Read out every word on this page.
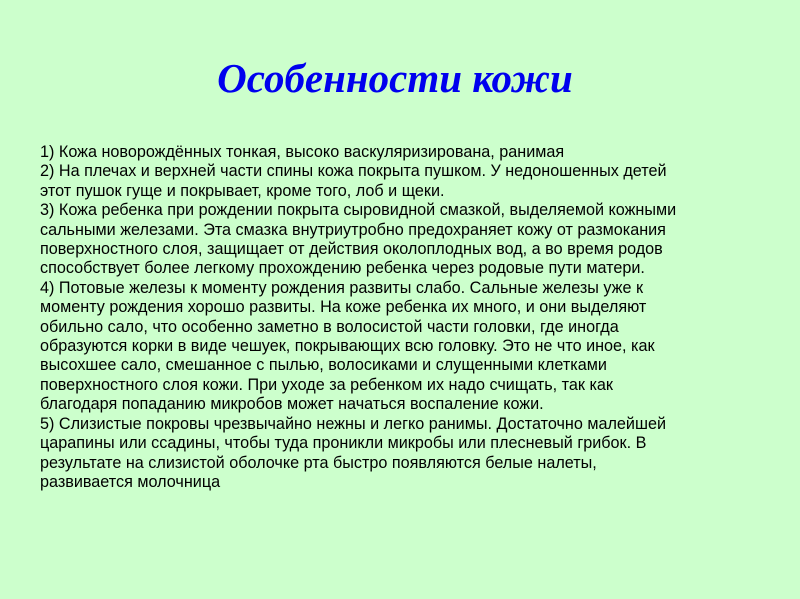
Особенности кожи
1) Кожа новорождённых тонкая, высоко васкуляризирована, ранимая
2) На плечах и верхней части спины кожа покрыта пушком. У недоношенных детей
этот пушок гуще и покрывает, кроме того, лоб и щеки.
3) Кожа ребенка при рождении покрыта сыровидной смазкой, выделяемой кожными
сальными железами. Эта смазка внутриутробно предохраняет кожу от размокания
поверхностного слоя, защищает от действия околоплодных вод, а во время родов
способствует более легкому прохождению ребенка через родовые пути матери.
4) Потовые железы к моменту рождения развиты слабо. Сальные железы уже к
моменту рождения хорошо развиты. На коже ребенка их много, и они выделяют
обильно сало, что особенно заметно в волосистой части головки, где иногда
образуются корки в виде чешуек, покрывающих всю головку. Это не что иное, как
высохшее сало, смешанное с пылью, волосиками и слущенными клетками
поверхностного слоя кожи. При уходе за ребенком их надо счищать, так как
благодаря попаданию микробов может начаться воспаление кожи.
5) Слизистые покровы чрезвычайно нежны и легко ранимы. Достаточно малейшей
царапины или ссадины, чтобы туда проникли микробы или плесневый грибок. В
результате на слизистой оболочке рта быстро появляются белые налеты,
развивается молочница
